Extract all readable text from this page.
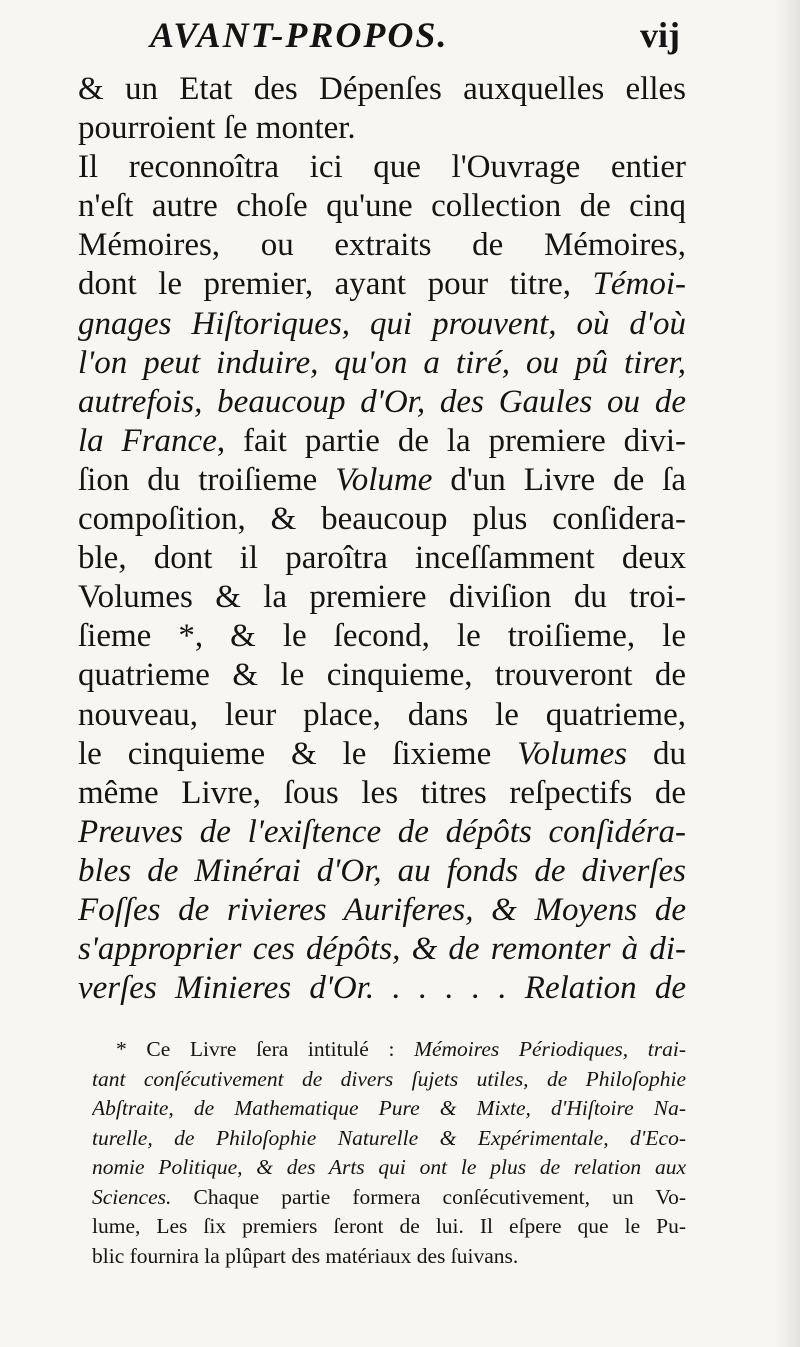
AVANT-PROPOS.	vij
& un Etat des Dépenſes auxquelles elles
pourroient ſe monter.
Il reconnoîtra ici que l'Ouvrage entier
n'eſt autre choſe qu'une collection de cinq
Mémoires, ou extraits de Mémoires,
dont le premier, ayant pour titre, Témoi-
gnages Hiſtoriques, qui prouvent, où d'où
l'on peut induire, qu'on a tiré, ou pû tirer,
autrefois, beaucoup d'Or, des Gaules ou de
la France, fait partie de la premiere divi-
ſion du troiſieme Volume d'un Livre de ſa
compoſition, & beaucoup plus conſidera-
ble, dont il paroîtra inceſſamment deux
Volumes & la premiere diviſion du troi-
ſieme *, & le ſecond, le troiſieme, le
quatrieme & le cinquieme, trouveront de
nouveau, leur place, dans le quatrieme,
le cinquieme & le ſixieme Volumes du
même Livre, ſous les titres reſpectifs de
Preuves de l'exiſtence de dépôts conſidéra-
bles de Minérai d'Or, au fonds de diverſes
Foſſes de rivieres Auriferes, & Moyens de
s'approprier ces dépôts, & de remonter à di-
verſes Minieres d'Or. . . . . . Relation de
* Ce Livre ſera intitulé : Mémoires Périodiques, trai-
tant conſécutivement de divers ſujets utiles, de Philoſophie
Abſtraite, de Mathematique Pure & Mixte, d'Hiſtoire Na-
turelle, de Philoſophie Naturelle & Expérimentale, d'Eco-
nomie Politique, & des Arts qui ont le plus de relation aux
Sciences. Chaque partie formera conſécutivement, un Vo-
lume, Les ſix premiers ſeront de lui. Il eſpere que le Pu-
blic fournira la plûpart des matériaux des ſuivans.
